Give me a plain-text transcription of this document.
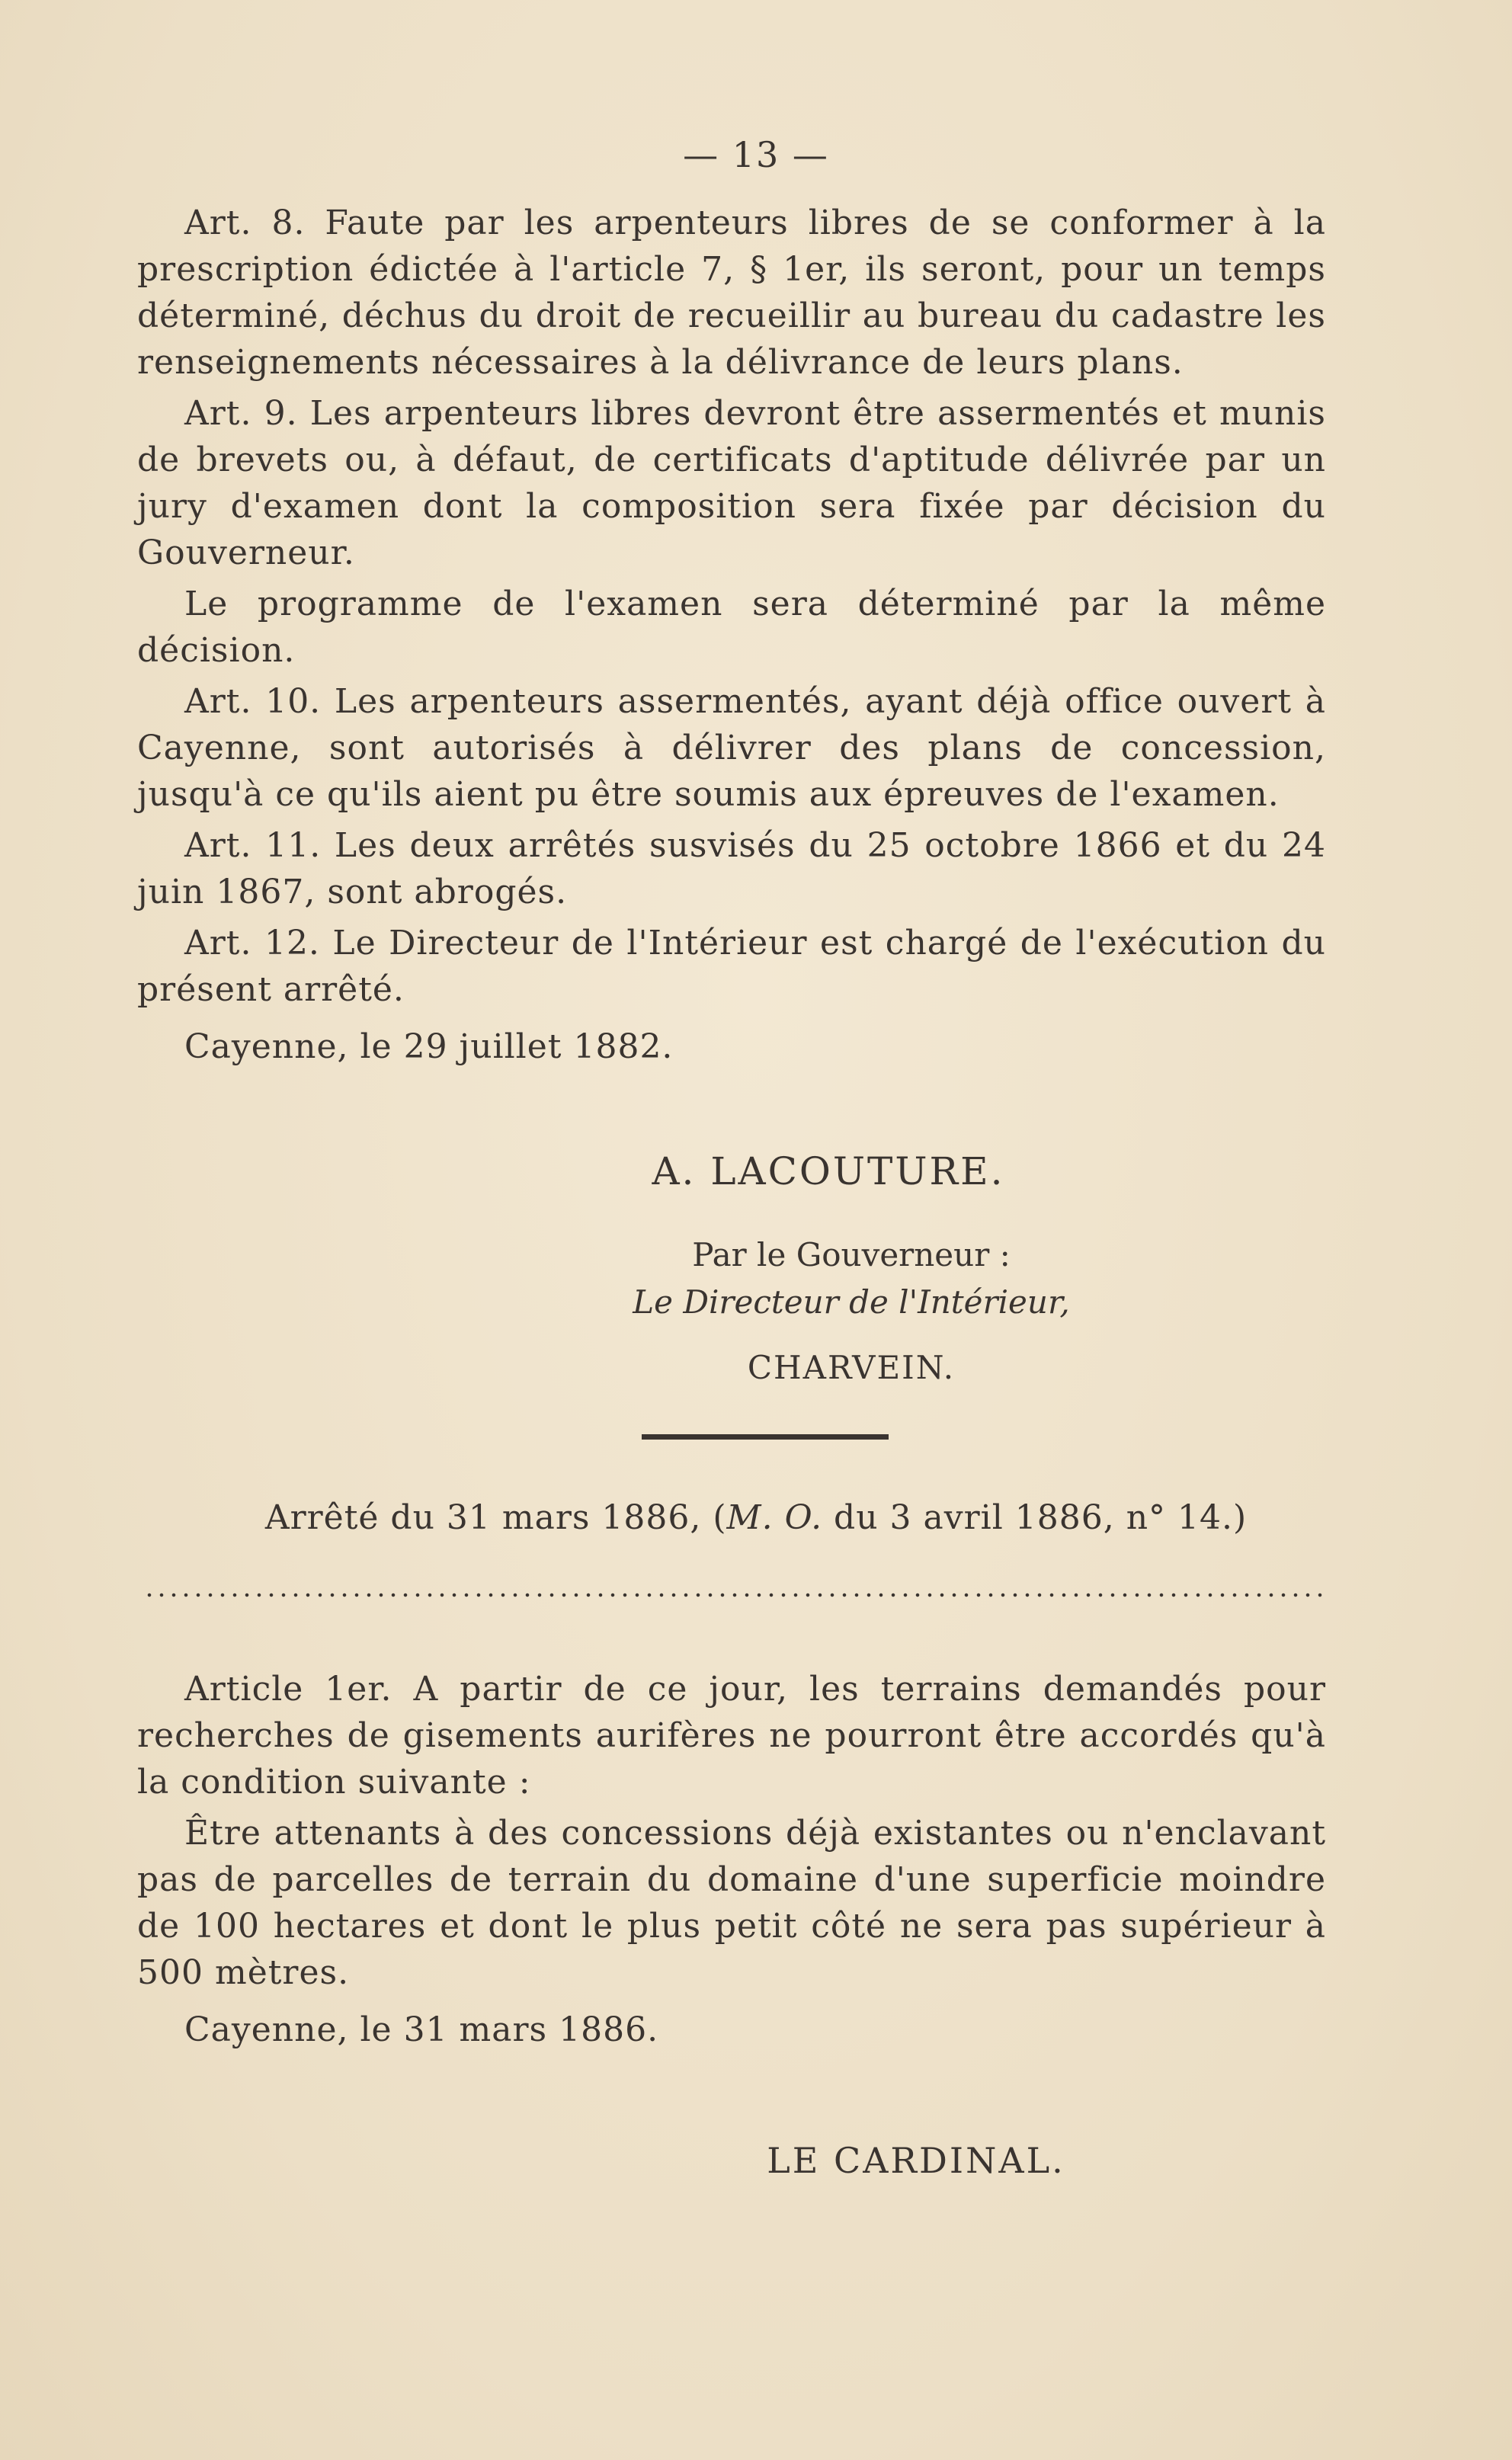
— 13 —

Art. 8. Faute par les arpenteurs libres de se conformer à la prescription édictée à l'article 7, § 1er, ils seront, pour un temps déterminé, déchus du droit de recueillir au bureau du cadastre les renseignements nécessaires à la délivrance de leurs plans.

Art. 9. Les arpenteurs libres devront être assermentés et munis de brevets ou, à défaut, de certificats d'aptitude délivrée par un jury d'examen dont la composition sera fixée par décision du Gouverneur.

Le programme de l'examen sera déterminé par la même décision.

Art. 10. Les arpenteurs assermentés, ayant déjà office ouvert à Cayenne, sont autorisés à délivrer des plans de concession, jusqu'à ce qu'ils aient pu être soumis aux épreuves de l'examen.

Art. 11. Les deux arrêtés susvisés du 25 octobre 1866 et du 24 juin 1867, sont abrogés.

Art. 12. Le Directeur de l'Intérieur est chargé de l'exécution du présent arrêté.

Cayenne, le 29 juillet 1882.

A. LACOUTURE.
Par le Gouverneur :
Le Directeur de l'Intérieur,
CHARVEIN.
Arrêté du 31 mars 1886, (M. O. du 3 avril 1886, n° 14.)

Article 1er. A partir de ce jour, les terrains demandés pour recherches de gisements aurifères ne pourront être accordés qu'à la condition suivante :

Être attenants à des concessions déjà existantes ou n'enclavant pas de parcelles de terrain du domaine d'une superficie moindre de 100 hectares et dont le plus petit côté ne sera pas supérieur à 500 mètres.

Cayenne, le 31 mars 1886.

LE CARDINAL.
